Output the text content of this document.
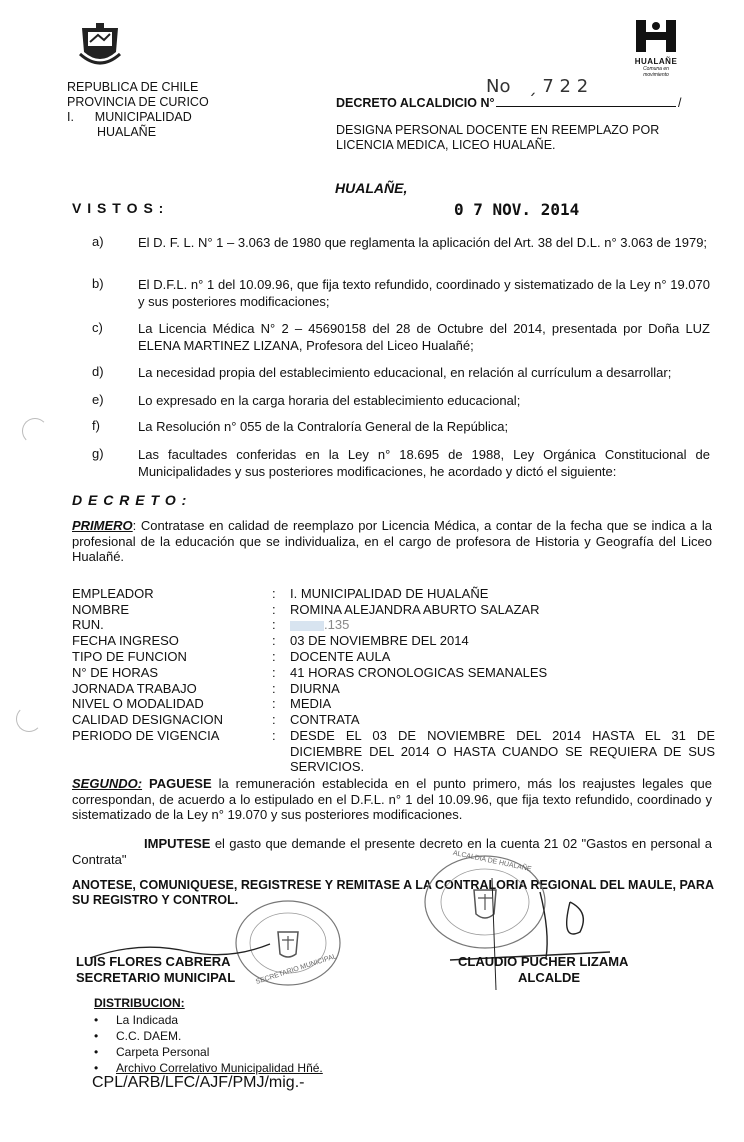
REPUBLICA DE CHILE
PROVINCIA DE CURICO
I.      MUNICIPALIDAD
HUALAÑE
HUALAÑE
Comuna en movimiento
DECRETO ALCALDICIO N°
No   ˏ 7 2 2
/
DESIGNA PERSONAL DOCENTE EN REEMPLAZO POR LICENCIA MEDICA, LICEO HUALAÑE.
HUALAÑE,
V I S T O S :	0 7 NOV. 2014
a)	El D. F. L. N° 1 – 3.063 de 1980 que reglamenta la aplicación del Art. 38 del D.L. n° 3.063 de 1979;
b)	El D.F.L. n° 1 del 10.09.96, que fija texto refundido, coordinado y sistematizado de la Ley n° 19.070 y sus posteriores modificaciones;
c)	La Licencia Médica N° 2 – 45690158 del 28 de Octubre del 2014, presentada por Doña LUZ ELENA MARTINEZ LIZANA, Profesora del Liceo Hualañé;
d)	La necesidad propia del establecimiento educacional, en relación al currículum a desarrollar;
e)	Lo expresado en la carga horaria del establecimiento educacional;
f)	La Resolución n° 055 de la Contraloría General de la República;
g)	Las facultades conferidas en la Ley n° 18.695 de 1988, Ley Orgánica Constitucional de Municipalidades y sus posteriores modificaciones, he acordado y dictó el siguiente:
D E C R E T O :
PRIMERO: Contratase en calidad de reemplazo por Licencia Médica, a contar de la fecha que se indica a la profesional de la educación que se individualiza, en el cargo de profesora de Historia y Geografía del Liceo Hualañé.
EMPLEADOR	: I. MUNICIPALIDAD DE HUALAÑE
NOMBRE	: ROMINA ALEJANDRA ABURTO SALAZAR
RUN.	:	.135
FECHA INGRESO	: 03 DE NOVIEMBRE DEL 2014
TIPO DE FUNCION	: DOCENTE AULA
N° DE HORAS	: 41 HORAS CRONOLOGICAS SEMANALES
JORNADA TRABAJO	: DIURNA
NIVEL O MODALIDAD	: MEDIA
CALIDAD DESIGNACION	: CONTRATA
PERIODO DE VIGENCIA	: DESDE EL 03 DE NOVIEMBRE DEL 2014 HASTA EL 31 DE DICIEMBRE DEL 2014 O HASTA CUANDO SE REQUIERA DE SUS SERVICIOS.
SEGUNDO: PAGUESE la remuneración establecida en el punto primero, más los reajustes legales que correspondan, de acuerdo a lo estipulado en el D.F.L. n° 1 del 10.09.96, que fija texto refundido, coordinado y sistematizado de la Ley n° 19.070 y sus posteriores modificaciones.
IMPUTESE el gasto que demande el presente decreto en la cuenta 21 02 "Gastos en personal a Contrata"
ANOTESE, COMUNIQUESE, REGISTRESE Y REMITASE A LA CONTRALORIA REGIONAL DEL MAULE, PARA SU REGISTRO Y CONTROL.
SECRETARIO MUNICIPAL
ALCALDIA DE HUALAÑE
LUIS FLORES CABRERA
SECRETARIO MUNICIPAL
CLAUDIO PUCHER LIZAMA
ALCALDE
DISTRIBUCION:
• La Indicada
• C.C. DAEM.
• Carpeta Personal
• Archivo Correlativo Municipalidad Hñé.
CPL/ARB/LFC/AJF/PMJ/mig.-
